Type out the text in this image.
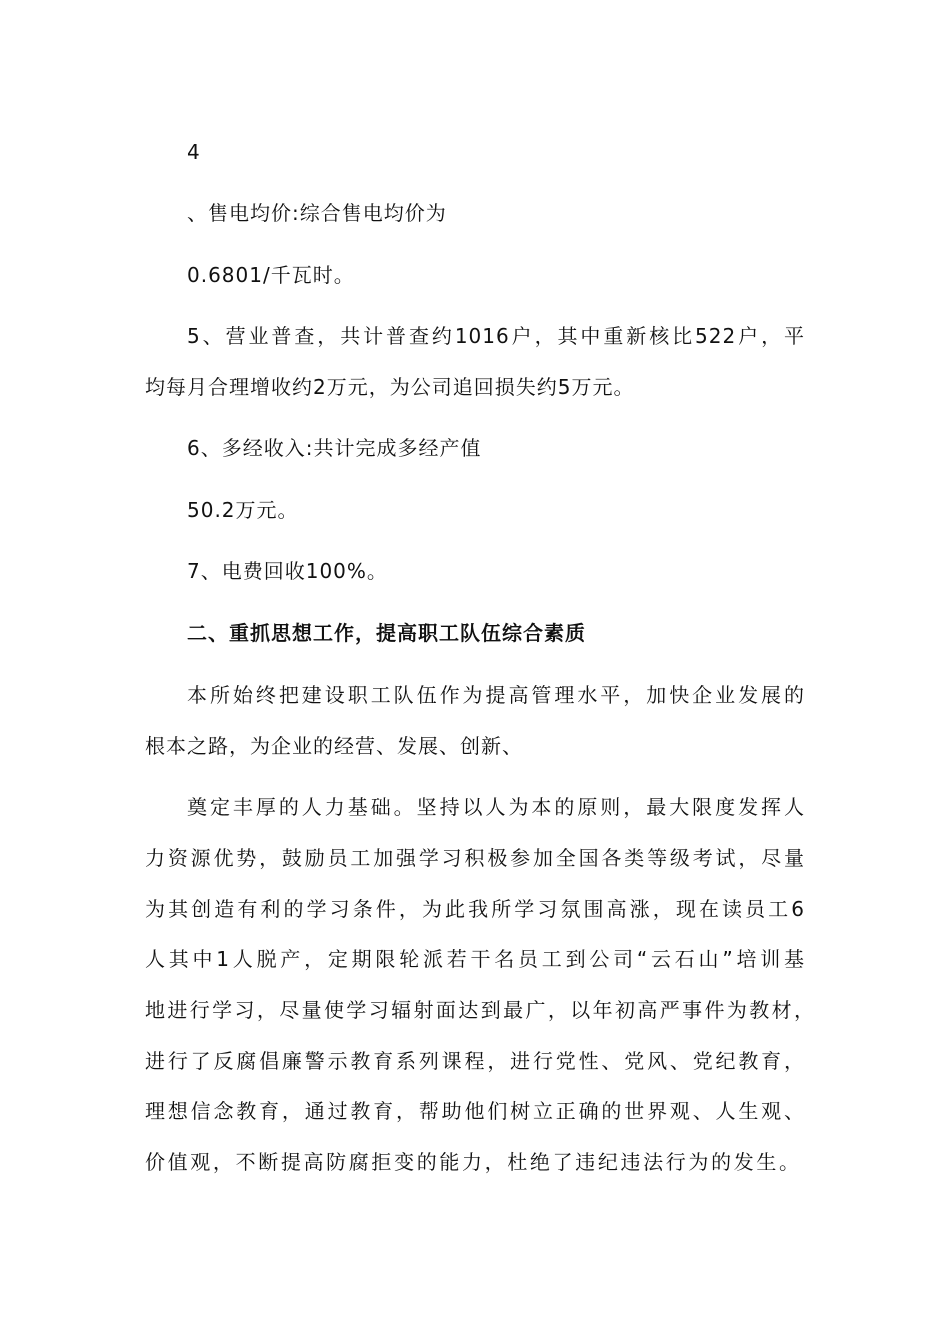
4
、售电均价:综合售电均价为
0.6801/千瓦时。
5、营业普查，共计普查约1016户，其中重新核比522户，平
均每月合理增收约2万元，为公司追回损失约5万元。
6、多经收入:共计完成多经产值
50.2万元。
7、电费回收100%。
二、重抓思想工作，提高职工队伍综合素质
本所始终把建设职工队伍作为提高管理水平，加快企业发展的
根本之路，为企业的经营、发展、创新、
奠定丰厚的人力基础。坚持以人为本的原则，最大限度发挥人
力资源优势，鼓励员工加强学习积极参加全国各类等级考试，尽量
为其创造有利的学习条件，为此我所学习氛围高涨，现在读员工6
人其中1人脱产，定期限轮派若干名员工到公司“云石山”培训基
地进行学习，尽量使学习辐射面达到最广，以年初高严事件为教材，
进行了反腐倡廉警示教育系列课程，进行党性、党风、党纪教育，
理想信念教育，通过教育，帮助他们树立正确的世界观、人生观、
价值观，不断提高防腐拒变的能力，杜绝了违纪违法行为的发生。
